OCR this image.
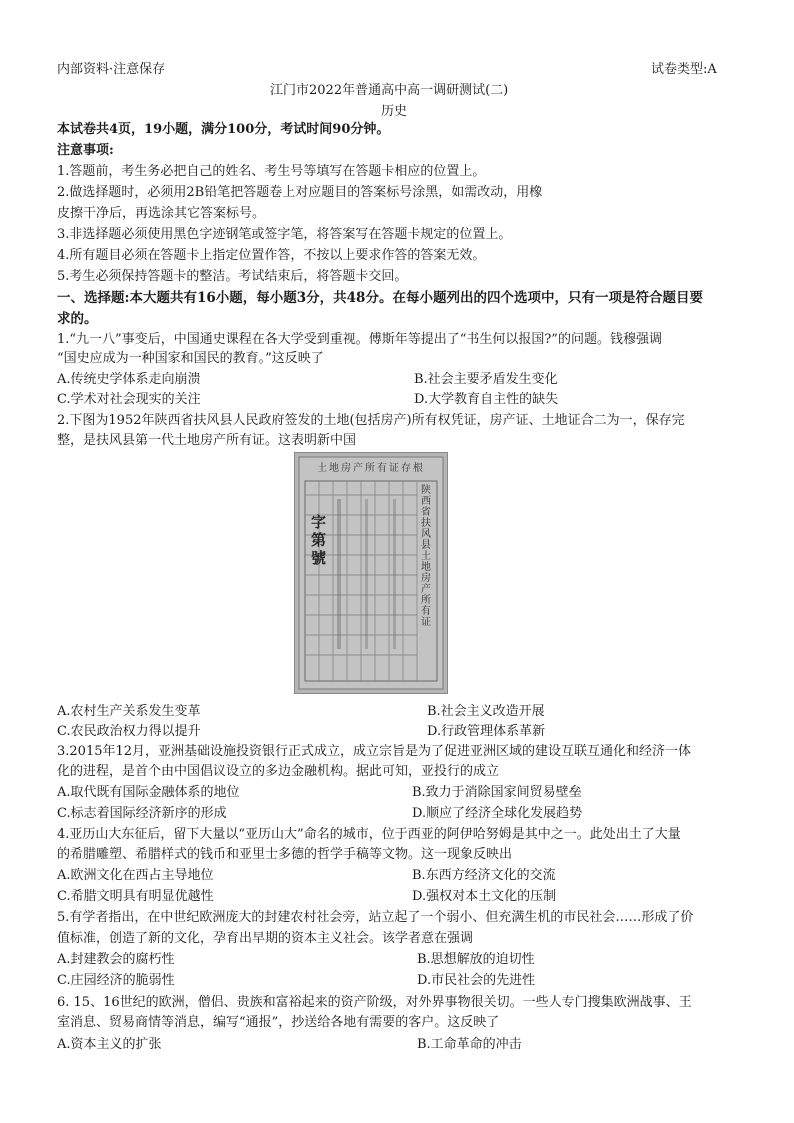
内部资料·注意保存	试卷类型:A
江门市2022年普通高中高一调研测试(二)
历史
本试卷共4页，19小题，满分100分，考试时间90分钟。
注意事项:
1.答题前，考生务必把自己的姓名、考生号等填写在答题卡相应的位置上。
2.做选择题时，必须用2B铅笔把答题卷上对应题目的答案标号涂黑，如需改动，用橡
皮擦干净后，再选涂其它答案标号。
3.非选择题必须使用黑色字迹钢笔或签字笔，将答案写在答题卡规定的位置上。
4.所有题目必须在答题卡上指定位置作答，不按以上要求作答的答案无效。
5.考生必须保持答题卡的整洁。考试结束后，将答题卡交回。
一、选择题:本大题共有16小题，每小题3分，共48分。在每小题列出的四个选项中，只有一项是符合题目要
求的。
1.“九一八”事变后，中国通史课程在各大学受到重视。傅斯年等提出了“书生何以报国?”的问题。钱穆强调
“国史应成为一种国家和国民的教育。”这反映了
A.传统史学体系走向崩溃	B.社会主要矛盾发生变化
C.学术对社会现实的关注	D.大学教育自主性的缺失
2.下图为1952年陕西省扶风县人民政府签发的土地(包括房产)所有权凭证，房产证、土地证合二为一，保存完
整，是扶风县第一代土地房产所有证。这表明新中国
土地房产所有证存根
陕西省扶风县土地房产所有证
字第 號
A.农村生产关系发生变革	B.社会主义改造开展
C.农民政治权力得以提升	D.行政管理体系革新
3.2015年12月，亚洲基础设施投资银行正式成立，成立宗旨是为了促进亚洲区域的建设互联互通化和经济一体
化的进程，是首个由中国倡议设立的多边金融机构。据此可知，亚投行的成立
A.取代既有国际金融体系的地位	B.致力于消除国家间贸易壁垒
C.标志着国际经济新序的形成	D.顺应了经济全球化发展趋势
4.亚历山大东征后，留下大量以“亚历山大”命名的城市，位于西亚的阿伊哈努姆是其中之一。此处出土了大量
的希腊雕塑、希腊样式的钱币和亚里士多德的哲学手稿等文物。这一现象反映出
A.欧洲文化在西占主导地位	B.东西方经济文化的交流
C.希腊文明具有明显优越性	D.强权对本土文化的压制
5.有学者指出，在中世纪欧洲庞大的封建农村社会旁，站立起了一个弱小、但充满生机的市民社会……形成了价
值标准，创造了新的文化，孕育出早期的资本主义社会。该学者意在强调
A.封建教会的腐朽性	B.思想解放的迫切性
C.庄园经济的脆弱性	D.市民社会的先进性
6. 15、16世纪的欧洲，僧侣、贵族和富裕起来的资产阶级，对外界事物很关切。一些人专门搜集欧洲战事、王
室消息、贸易商情等消息，编写“通报”，抄送给各地有需要的客户。这反映了
A.资本主义的扩张	B.工命革命的冲击
